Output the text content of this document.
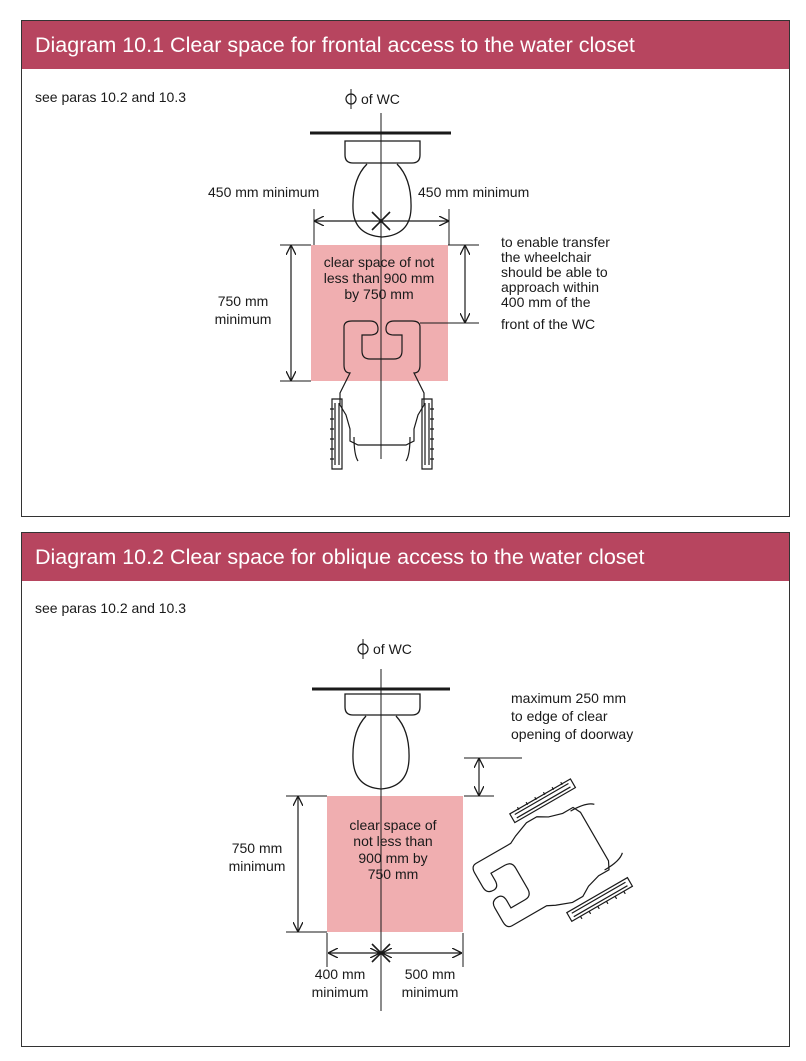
Diagram 10.1 Clear space for frontal access to the water closet
see paras 10.2 and 10.3	of WC
450 mm minimum	450 mm minimum
clear space of not
less than 900 mm
by 750 mm
750 mm
minimum
to enable transfer
the wheelchair
should be able to
approach within
400 mm of the
front of the WC
Diagram 10.2 Clear space for oblique access to the water closet
see paras 10.2 and 10.3
of WC
maximum 250 mm
to edge of clear
opening of doorway
clear space of
not less than
900 mm by
750 mm
750 mm
minimum
400 mm
minimum
500 mm
minimum
